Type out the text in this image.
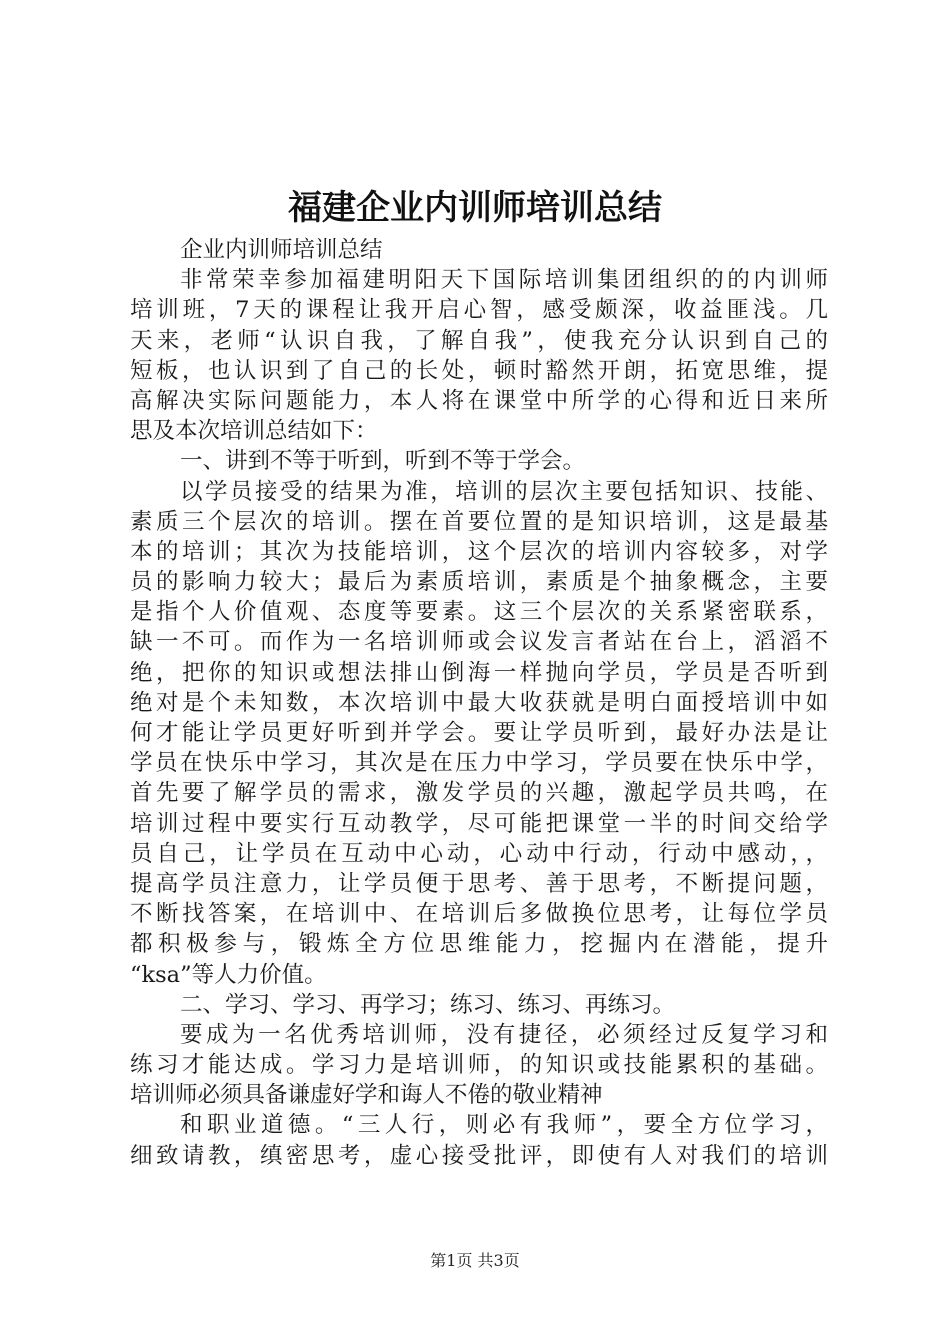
福建企业内训师培训总结
企业内训师培训总结
非常荣幸参加福建明阳天下国际培训集团组织的的内训师
培训班，7天的课程让我开启心智，感受颇深，收益匪浅。几
天来，老师“认识自我，了解自我”，使我充分认识到自己的
短板，也认识到了自己的长处，顿时豁然开朗，拓宽思维，提
高解决实际问题能力，本人将在课堂中所学的心得和近日来所
思及本次培训总结如下：
一、讲到不等于听到，听到不等于学会。
以学员接受的结果为准，培训的层次主要包括知识、技能、
素质三个层次的培训。摆在首要位置的是知识培训，这是最基
本的培训；其次为技能培训，这个层次的培训内容较多，对学
员的影响力较大；最后为素质培训，素质是个抽象概念，主要
是指个人价值观、态度等要素。这三个层次的关系紧密联系，
缺一不可。而作为一名培训师或会议发言者站在台上，滔滔不
绝，把你的知识或想法排山倒海一样抛向学员，学员是否听到
绝对是个未知数，本次培训中最大收获就是明白面授培训中如
何才能让学员更好听到并学会。要让学员听到，最好办法是让
学员在快乐中学习，其次是在压力中学习，学员要在快乐中学，
首先要了解学员的需求，激发学员的兴趣，激起学员共鸣，在
培训过程中要实行互动教学，尽可能把课堂一半的时间交给学
员自己，让学员在互动中心动，心动中行动，行动中感动，，
提高学员注意力，让学员便于思考、善于思考，不断提问题，
不断找答案，在培训中、在培训后多做换位思考，让每位学员
都积极参与，锻炼全方位思维能力，挖掘内在潜能，提升
“ksa”等人力价值。
二、学习、学习、再学习；练习、练习、再练习。
要成为一名优秀培训师，没有捷径，必须经过反复学习和
练习才能达成。学习力是培训师，的知识或技能累积的基础。
培训师必须具备谦虚好学和诲人不倦的敬业精神
和职业道德。“三人行，则必有我师”，要全方位学习，
细致请教，缜密思考，虚心接受批评，即使有人对我们的培训
第1页 共3页
